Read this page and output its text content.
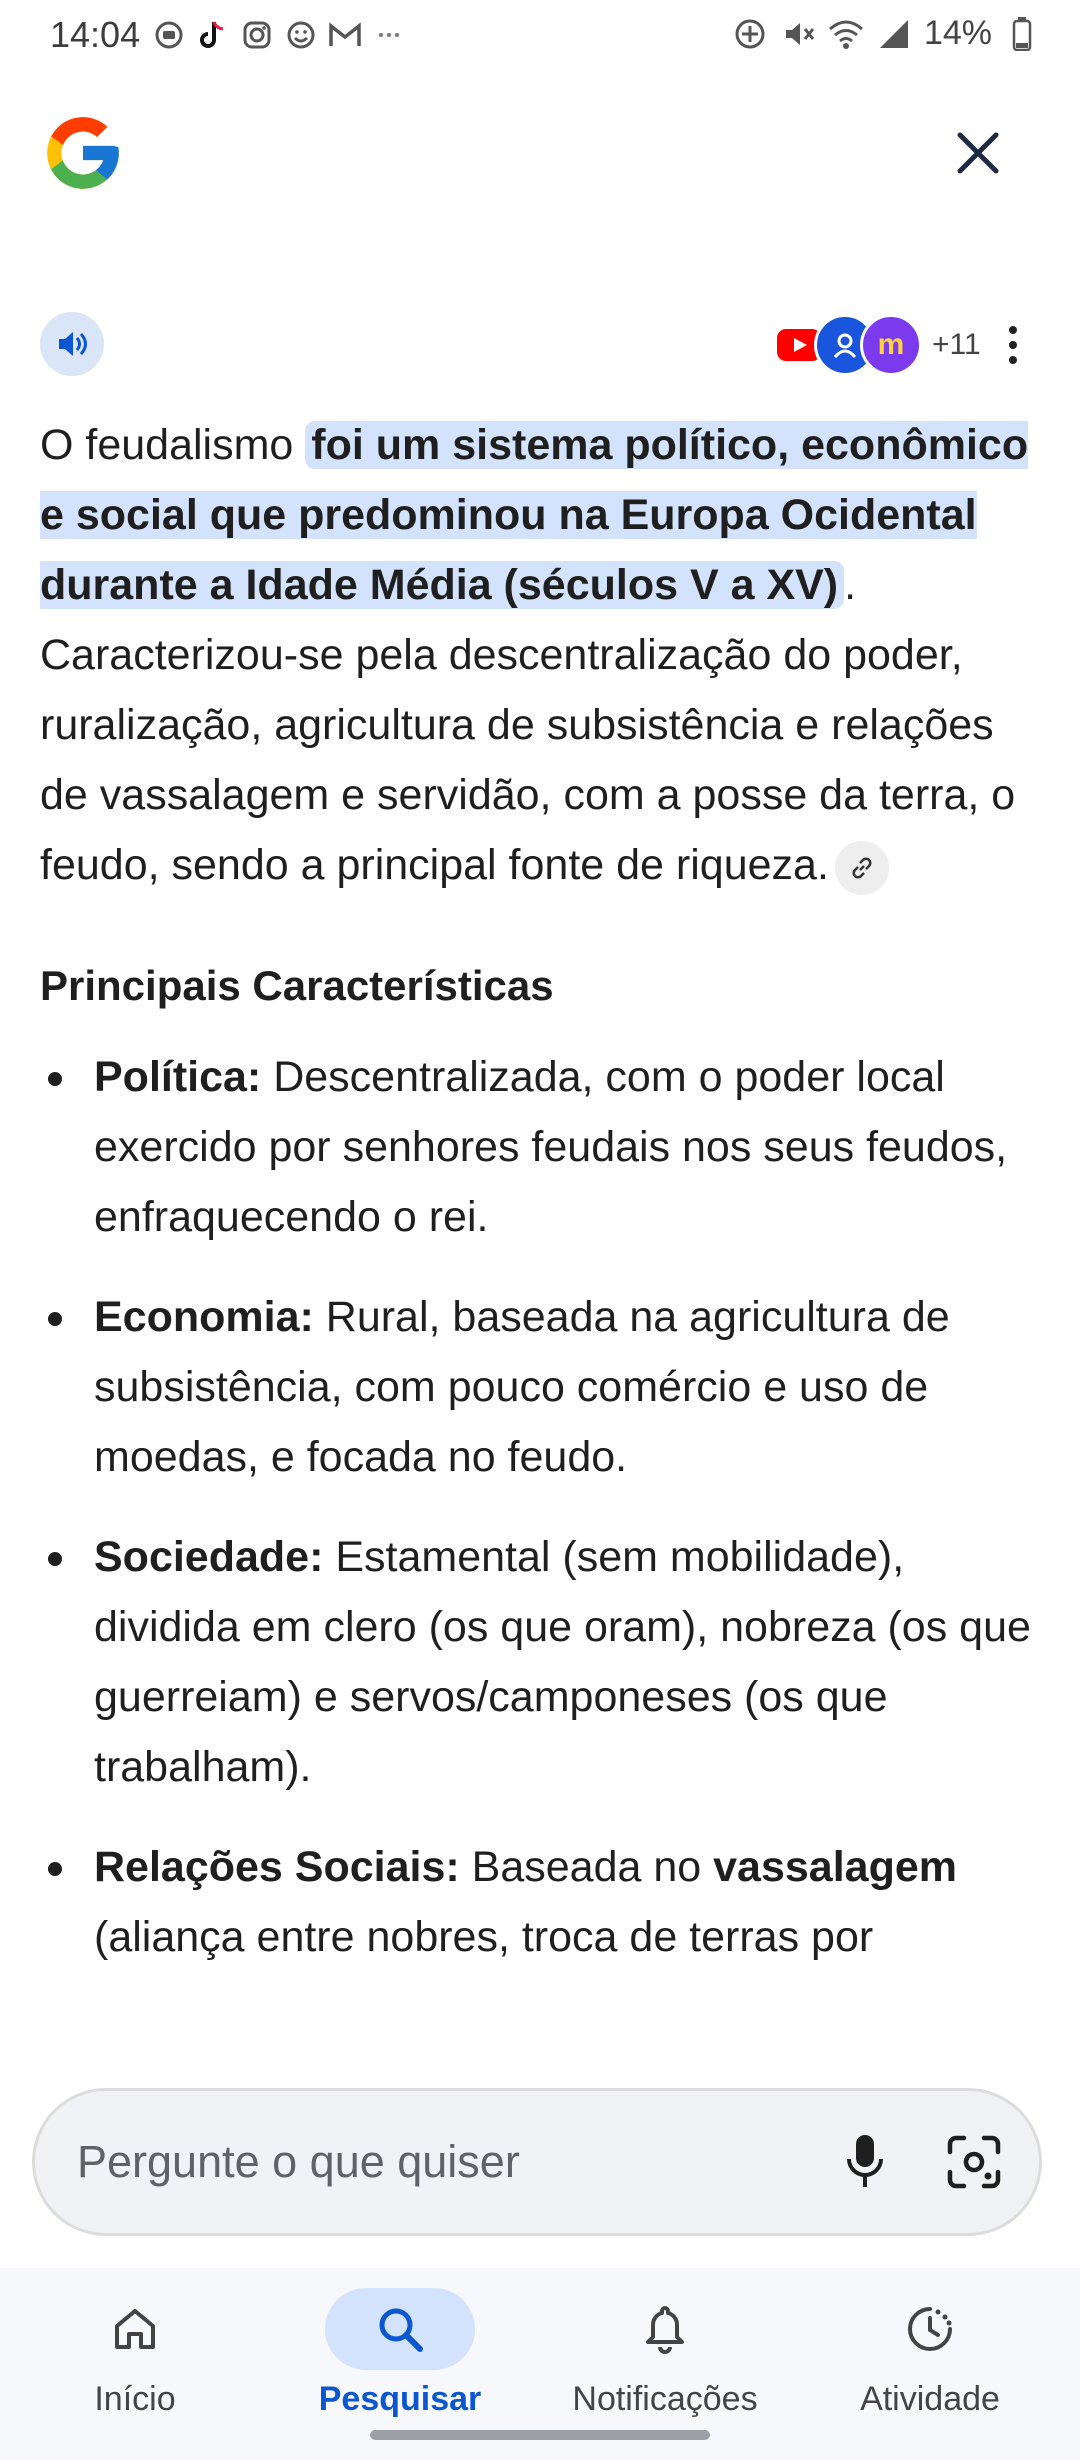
14:04	14%
m +11

O feudalismo foi um sistema político, econômico e social que predominou na Europa Ocidental durante a Idade Média (séculos V a XV) . Caracterizou-se pela descentralização do poder, ruralização, agricultura de subsistência e relações de vassalagem e servidão, com a posse da terra, o feudo, sendo a principal fonte de riqueza.

Principais Características
Política: Descentralizada, com o poder local exercido por senhores feudais nos seus feudos, enfraquecendo o rei.
Economia: Rural, baseada na agricultura de subsistência, com pouco comércio e uso de moedas, e focada no feudo.
Sociedade: Estamental (sem mobilidade), dividida em clero (os que oram), nobreza (os que guerreiam) e servos/camponeses (os que trabalham).
Relações Sociais: Baseada no vassalagem (aliança entre nobres, troca de terras por
Pergunte o que quiser
Início	Pesquisar	Notificações	Atividade
